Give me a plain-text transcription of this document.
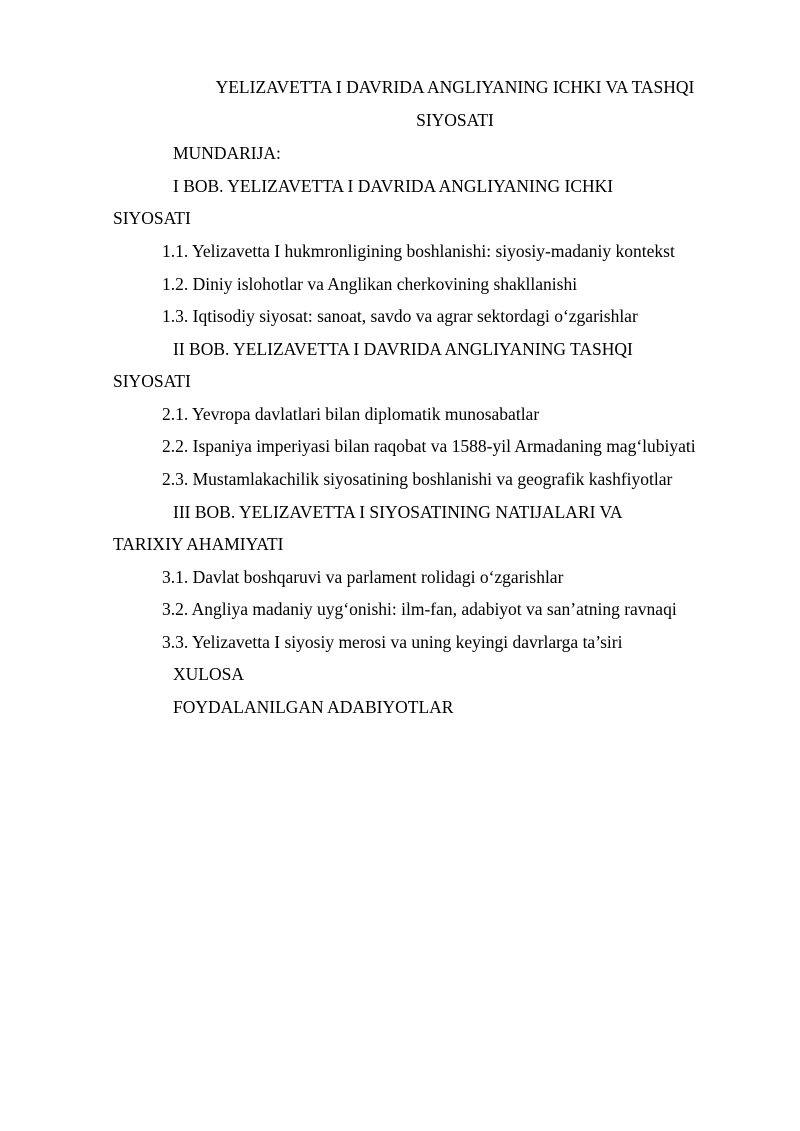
YELIZAVETTA I DAVRIDA ANGLIYANING ICHKI VA TASHQI
SIYOSATI
MUNDARIJA:
I BOB. YELIZAVETTA I DAVRIDA ANGLIYANING ICHKI
SIYOSATI
1.1. Yelizavetta I hukmronligining boshlanishi: siyosiy-madaniy kontekst
1.2. Diniy islohotlar va Anglikan cherkovining shakllanishi
1.3. Iqtisodiy siyosat: sanoat, savdo va agrar sektordagi o‘zgarishlar
II BOB. YELIZAVETTA I DAVRIDA ANGLIYANING TASHQI
SIYOSATI
2.1. Yevropa davlatlari bilan diplomatik munosabatlar
2.2. Ispaniya imperiyasi bilan raqobat va 1588-yil Armadaning mag‘lubiyati
2.3. Mustamlakachilik siyosatining boshlanishi va geografik kashfiyotlar
III BOB. YELIZAVETTA I SIYOSATINING NATIJALARI VA
TARIXIY AHAMIYATI
3.1. Davlat boshqaruvi va parlament rolidagi o‘zgarishlar
3.2. Angliya madaniy uyg‘onishi: ilm-fan, adabiyot va san’atning ravnaqi
3.3. Yelizavetta I siyosiy merosi va uning keyingi davrlarga ta’siri
XULOSA
FOYDALANILGAN ADABIYOTLAR
